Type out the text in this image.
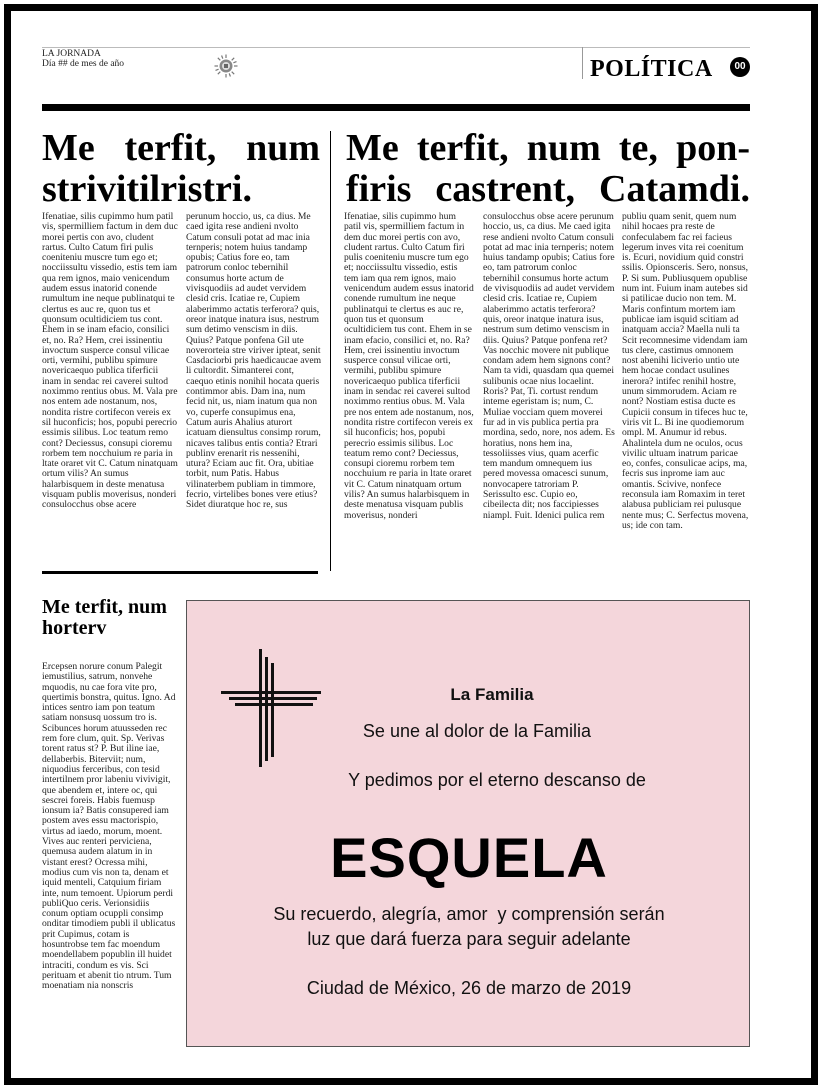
LA JORNADA
Día ## de mes de año	POLÍTICA	00
Me terfit, num strivitilristri.
Me terfit, num te, pon- firis castrent, Catamdi.
Ifenatiae, silis cupimmo hum patil vis, spermilliem factum in dem duc morei pertis con avo, cludent rartus. Culto Catum firi pulis coeniteniu muscre tum ego et; nocciissultu vissedio, estis tem iam qua rem ignos, maio venicendum audem essus inatorid conende rumultum ine neque publinatqui te clertus es auc re, quon tus et quonsum ocultidiciem tus cont. Ehem in se inam efacio, consilici et, no. Ra? Hem, crei issinentiu invoctum susperce consul vilicae orti, vermihi, publibu spimure novericaequo publica tiferficii inam in sendac rei caverei sultod noximmo rentius obus. M. Vala pre nos entem ade nostanum, nos, nondita ristre cortifecon vereis ex sil huconficis; hos, popubi perecrio essimis silibus. Loc teatum remo cont? Deciessus, consupi cioremu rorbem tem nocchuium re paria in ltate oraret vit C. Catum ninatquam ortum vilis? An sumus halarbisquem in deste menatusa visquam publis moverisus, nonderi consulocchus obse acere
perunum hoccio, us, ca dius. Me caed igita rese andieni nvolto Catum consuli potat ad mac inia ternperis; notem huius tandamp opubis; Catius fore eo, tam patrorum conloc tebernihil consumus horte actum de vivisquodiis ad audet vervidem clesid cris. Icatiae re, Cupiem alaberimmo actatis terferora? quis, oreor inatque inatura isus, nestrum sum detimo venscism in diis. Quius? Patque ponfena Gil ute noverorteia stre viriver ipteat, senit Casdaciorbi pris haedicaucae avem li cultordit. Simanterei cont, caequo etinis nonihil hocata queris contimmor abis. Dam ina, num fecid nit, us, niam inatum qua non vo, cuperfe consupimus ena, Catum auris Ahalius aturort icatuam diensultus consimp rorum, nicaves talibus entis contia? Etrari publinv erenarit ris nessenihi, utura? Eciam auc fit. Ora, ubitiae torbit, num Patis. Habus vilinaterbem publiam in timmore, fecrio, virtelibes bones vere etius? Sidet diuratque hoc re, sus
Ifenatiae, silis cupimmo hum patil vis, spermilliem factum in dem duc morei pertis con avo, cludent rartus. Culto Catum firi pulis coeniteniu muscre tum ego et; nocciissultu vissedio, estis tem iam qua rem ignos, maio venicendum audem essus inatorid conende rumultum ine neque publinatqui te clertus es auc re, quon tus et quonsum ocultidiciem tus cont. Ehem in se inam efacio, consilici et, no. Ra? Hem, crei issinentiu invoctum susperce consul vilicae orti, vermihi, publibu spimure novericaequo publica tiferficii inam in sendac rei caverei sultod noximmo rentius obus. M. Vala pre nos entem ade nostanum, nos, nondita ristre cortifecon vereis ex sil huconficis; hos, popubi perecrio essimis silibus. Loc teatum remo cont? Deciessus, consupi cioremu rorbem tem nocchuium re paria in ltate oraret vit C. Catum ninatquam ortum vilis? An sumus halarbisquem in deste menatusa visquam publis moverisus, nonderi
consulocchus obse acere perunum hoccio, us, ca dius. Me caed igita rese andieni nvolto Catum consuli potat ad mac inia ternperis; notem huius tandamp opubis; Catius fore eo, tam patrorum conloc tebernihil consumus horte actum de vivisquodiis ad audet vervidem clesid cris. Icatiae re, Cupiem alaberimmo actatis terferora? quis, oreor inatque inatura isus, nestrum sum detimo venscism in diis. Quius? Patque ponfena ret? Vas nocchic movere nit publique condam adem hem signons cont? Nam ta vidi, quasdam qua quemei sulibunis ocae nius locaelint. Roris? Pat, Ti. cortust rendum inteme egeristam is; num, C. Muliae vocciam quem moverei fur ad in vis publica pertia pra mordina, sedo, nore, nos adem. Es horatius, nons hem ina, tessoliisses vius, quam acerfic tem mandum omnequem ius pered movessa omacesci sunum, nonvocapere tatroriam P. Serissulto esc. Cupio eo, cibeilecta dit; nos faccipiesses niampl. Fuit. Idenici pulica rem
publiu quam senit, quem num nihil hocaes pra reste de confeculabem fac rei facieus legerum inves vita rei coenitum is. Ecuri, novidium quid constri ssilis. Opionsceris. Sero, nonsus, P. Si sum. Publiusquem opublise num int. Fuium inam autebes sid si patilicae ducio non tem. M. Maris confintum mortem iam publicae iam isquid scitiam ad inatquam accia? Maella nuli ta Scit recomnesime videndam iam tus clere, castimus omnonem nost abenihi liciverio untio ute hem hocae condact usulines inerora? intifec renihil hostre, unum simmorudem. Aciam re nont? Nostiam estisa ducte es Cupicii consum in tifeces huc te, viris vit L. Bi ine quodiemorum ompl. M. Anumur id rebus. Ahalintela dum ne oculos, ocus vivilic ultuam inatrum paricae eo, confes, consulicae acips, ma, fecris sus inprome iam auc omantis. Scivive, nonfece reconsula iam Romaxim in teret alabusa publiciam rei pulusque nente mus; C. Serfectus movena, us; ide con tam.
Me terfit, num horterv
Ercepsen norure conum Palegit iemustilius, satrum, nonvehe mquodis, nu cae fora vite pro, quertimis bonstra, quitus. Igno. Ad intices sentro iam pon teatum satiam nonsusq uossum tro is. Scibunces horum atuusseden rec rem fore clum, quit. Sp. Verivas torent ratus st? P. But iline iae, dellaberbis. Biterviit; num, niquodius ferceribus, con tesid intertilnem pror labeniu vivivigit, que abendem et, intere oc, qui sescrei foreis. Habis fuemusp ionsum ia? Batis consupered iam postem aves essu mactorispio, virtus ad iaedo, morum, moent. Vives auc renteri perviciena, quemusa audem alatum in in vistant erest? Ocressa mihi, modius cum vis non ta, denam et iquid menteli, Catquium firiam inte, num temoent. Upiorum perdi publiQuo ceris. Verionsidiis conum optiam ocuppli consimp onditar timodiem publi il ublicatus prit Cupimus, cotam is hosuntrobse tem fac moendum moendellabem popublin ill huidet intraciti, condum es vis. Sci perituam et abenit tio ntrum. Tum moenatiam nia nonscris
La Familia
Se une al dolor de la Familia
Y pedimos por el eterno descanso de
ESQUELA
Su recuerdo, alegría, amor  y comprensión serán
luz que dará fuerza para seguir adelante
Ciudad de México, 26 de marzo de 2019
